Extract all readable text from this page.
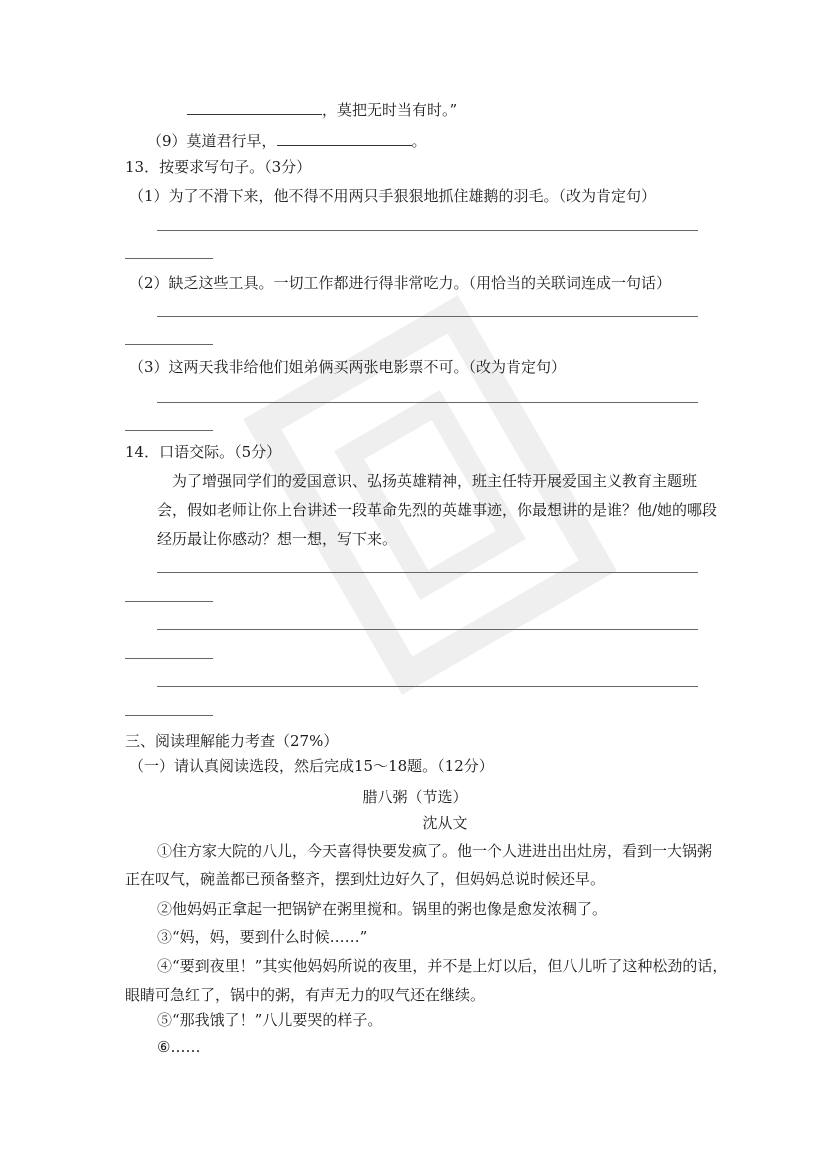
，莫把无时当有时。”
（9）莫道君行早，	。
13．按要求写句子。（3分）
（1）为了不滑下来，他不得不用两只手狠狠地抓住雄鹅的羽毛。（改为肯定句）
（2）缺乏这些工具。一切工作都进行得非常吃力。（用恰当的关联词连成一句话）
（3）这两天我非给他们姐弟俩买两张电影票不可。（改为肯定句）
14．口语交际。（5分）
为了增强同学们的爱国意识、弘扬英雄精神，班主任特开展爱国主义教育主题班
会，假如老师让你上台讲述一段革命先烈的英雄事迹，你最想讲的是谁？他/她的哪段
经历最让你感动？想一想，写下来。
三、阅读理解能力考查（27%）
（一）请认真阅读选段，然后完成15～18题。（12分）
腊八粥（节选）
沈从文
①住方家大院的八儿，今天喜得快要发疯了。他一个人进进出出灶房，看到一大锅粥
正在叹气，碗盖都已预备整齐，摆到灶边好久了，但妈妈总说时候还早。
②他妈妈正拿起一把锅铲在粥里搅和。锅里的粥也像是愈发浓稠了。
③“妈，妈，要到什么时候……”
④“要到夜里！”其实他妈妈所说的夜里，并不是上灯以后，但八儿听了这种松劲的话，
眼睛可急红了，锅中的粥，有声无力的叹气还在继续。
⑤“那我饿了！”八儿要哭的样子。
⑥……
